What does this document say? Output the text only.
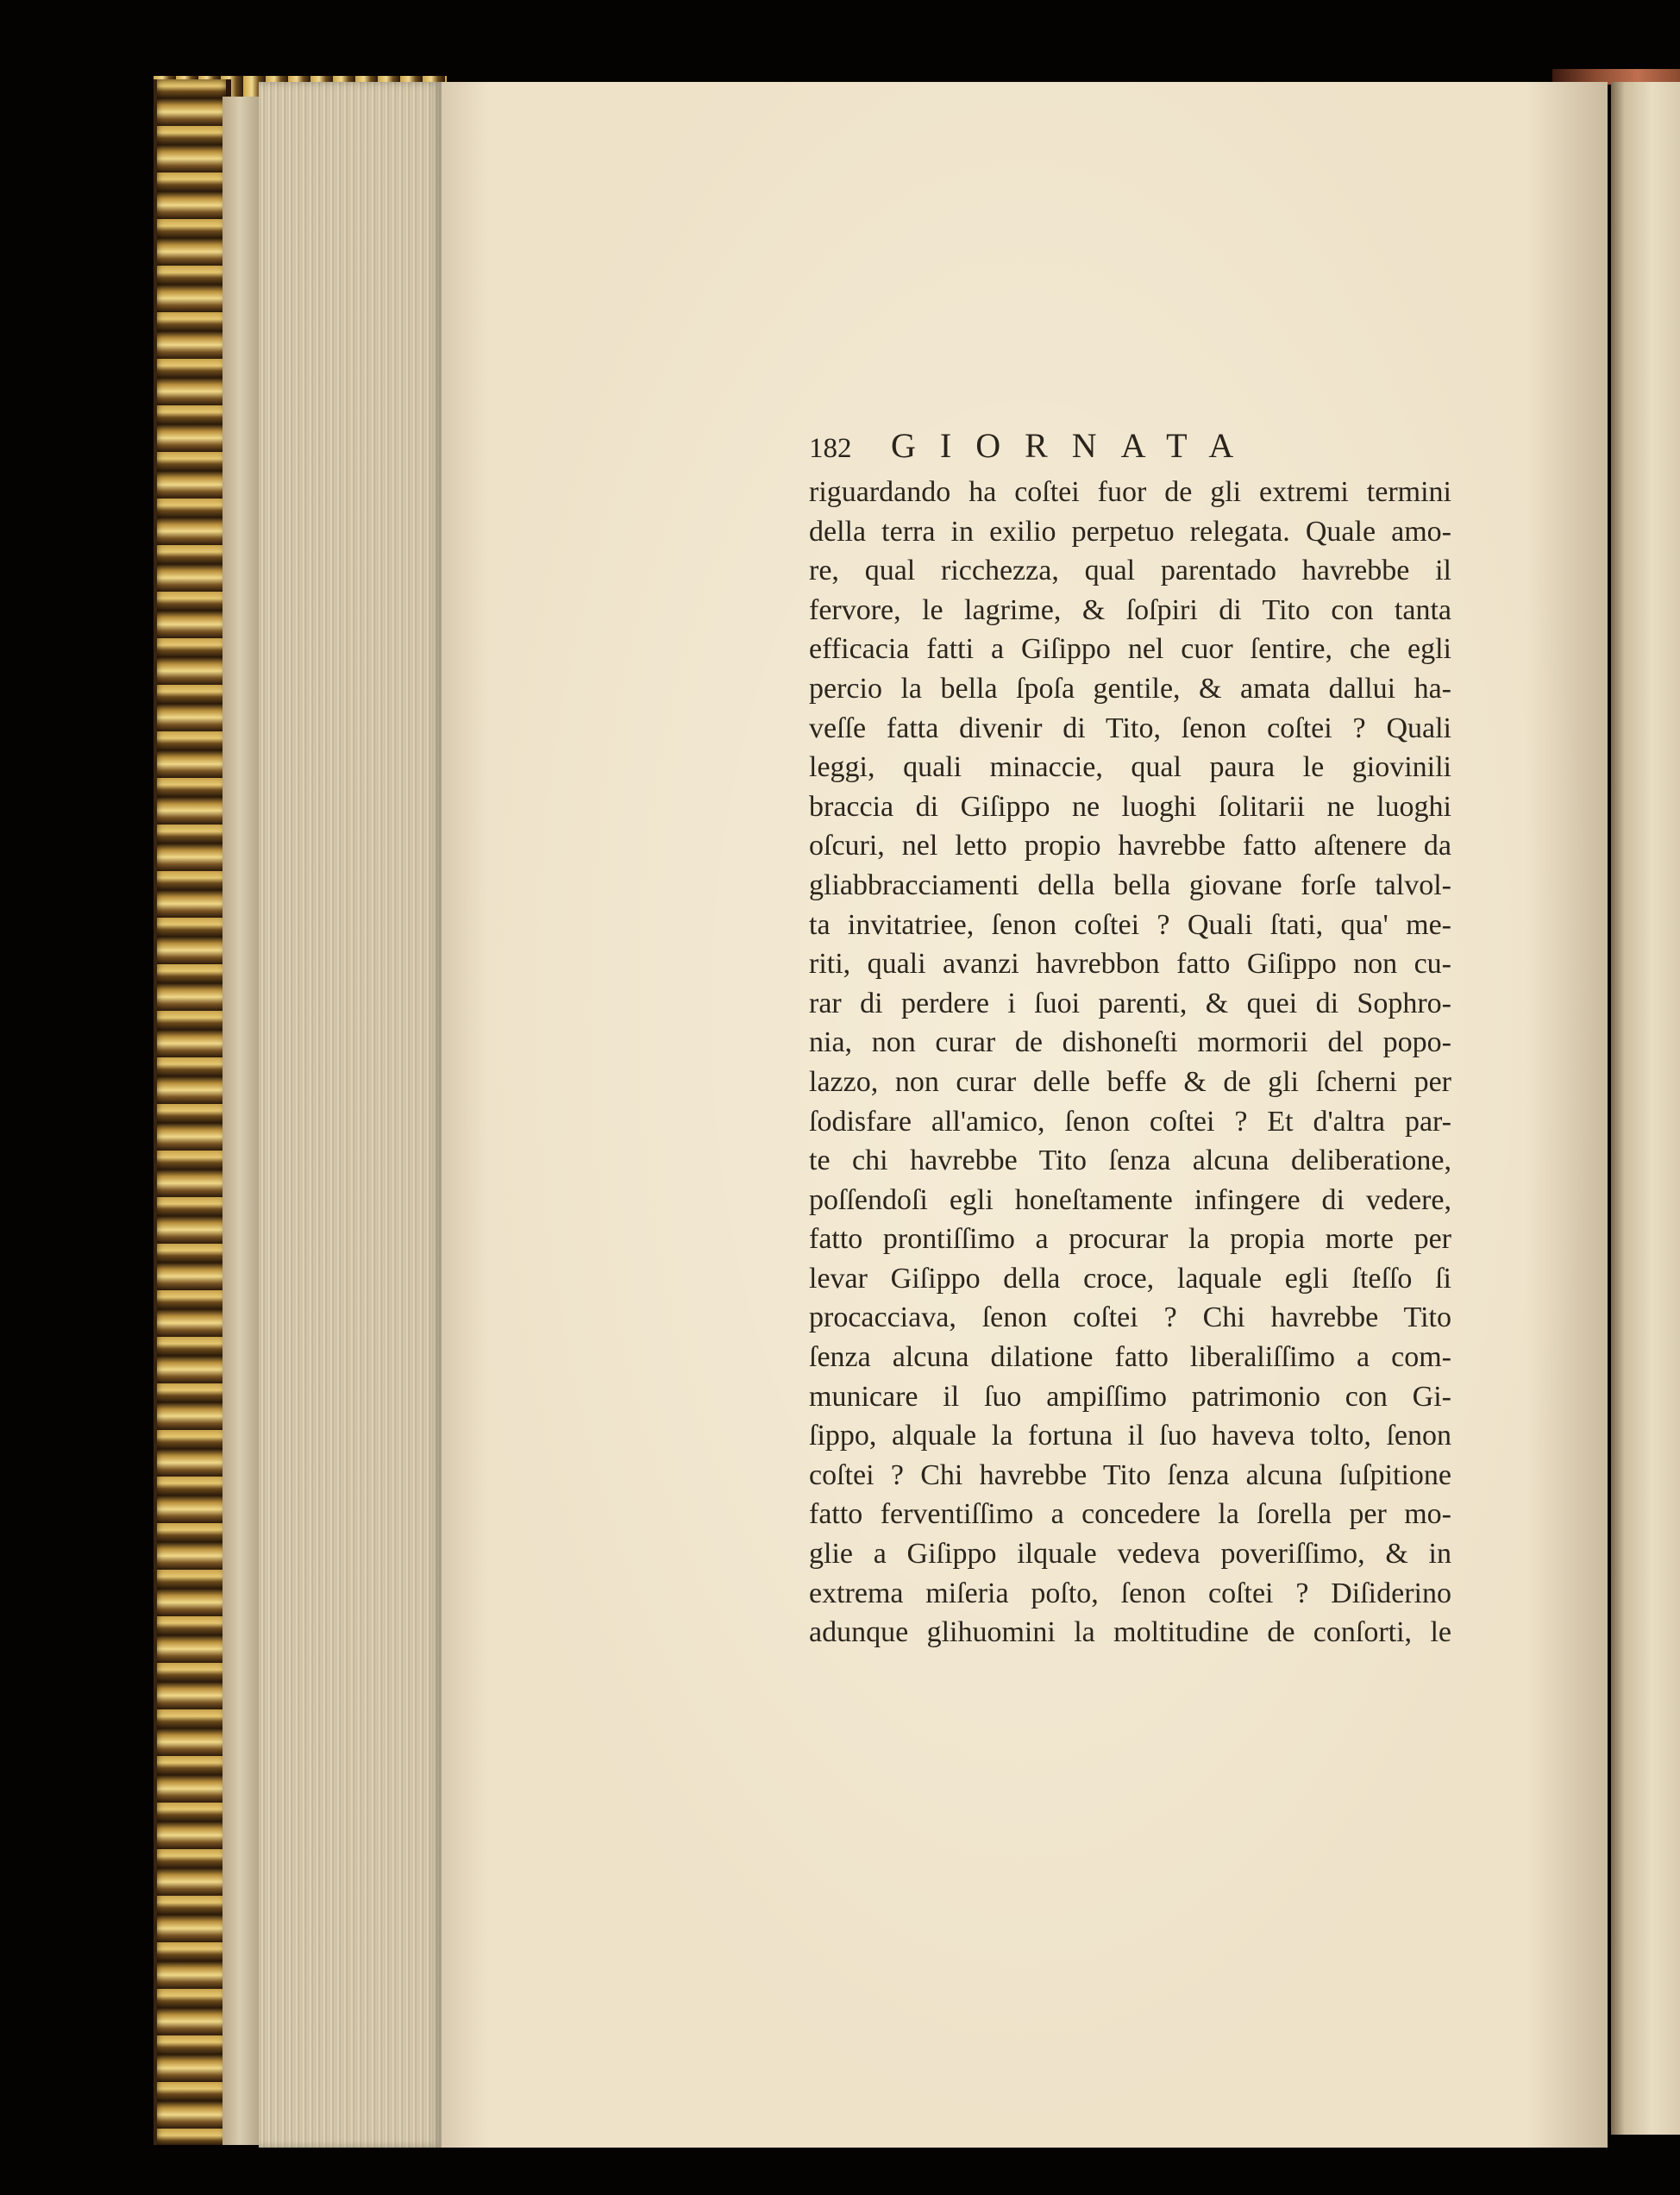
182	GIORNATA
riguardando ha coſtei fuor de gli extremi termini
della terra in exilio perpetuo relegata. Quale amo-
re, qual ricchezza, qual parentado havrebbe il
fervore, le lagrime, & ſoſpiri di Tito con tanta
efficacia fatti a Giſippo nel cuor ſentire, che egli
percio la bella ſpoſa gentile, & amata dallui ha-
veſſe fatta divenir di Tito, ſenon coſtei ? Quali
leggi, quali minaccie, qual paura le giovinili
braccia di Giſippo ne luoghi ſolitarii ne luoghi
oſcuri, nel letto propio havrebbe fatto aſtenere da
gliabbracciamenti della bella giovane forſe talvol-
ta invitatriee, ſenon coſtei ? Quali ſtati, qua' me-
riti, quali avanzi havrebbon fatto Giſippo non cu-
rar di perdere i ſuoi parenti, & quei di Sophro-
nia, non curar de dishoneſti mormorii del popo-
lazzo, non curar delle beffe & de gli ſcherni per
ſodisfare all'amico, ſenon coſtei ? Et d'altra par-
te chi havrebbe Tito ſenza alcuna deliberatione,
poſſendoſi egli honeſtamente infingere di vedere,
fatto prontiſſimo a procurar la propia morte per
levar Giſippo della croce, laquale egli ſteſſo ſi
procacciava, ſenon coſtei ? Chi havrebbe Tito
ſenza alcuna dilatione fatto liberaliſſimo a com-
municare il ſuo ampiſſimo patrimonio con Gi-
ſippo, alquale la fortuna il ſuo haveva tolto, ſenon
coſtei ? Chi havrebbe Tito ſenza alcuna ſuſpitione
fatto ferventiſſimo a concedere la ſorella per mo-
glie a Giſippo ilquale vedeva poveriſſimo, & in
extrema miſeria poſto, ſenon coſtei ? Diſiderino
adunque glihuomini la moltitudine de conſorti, le
